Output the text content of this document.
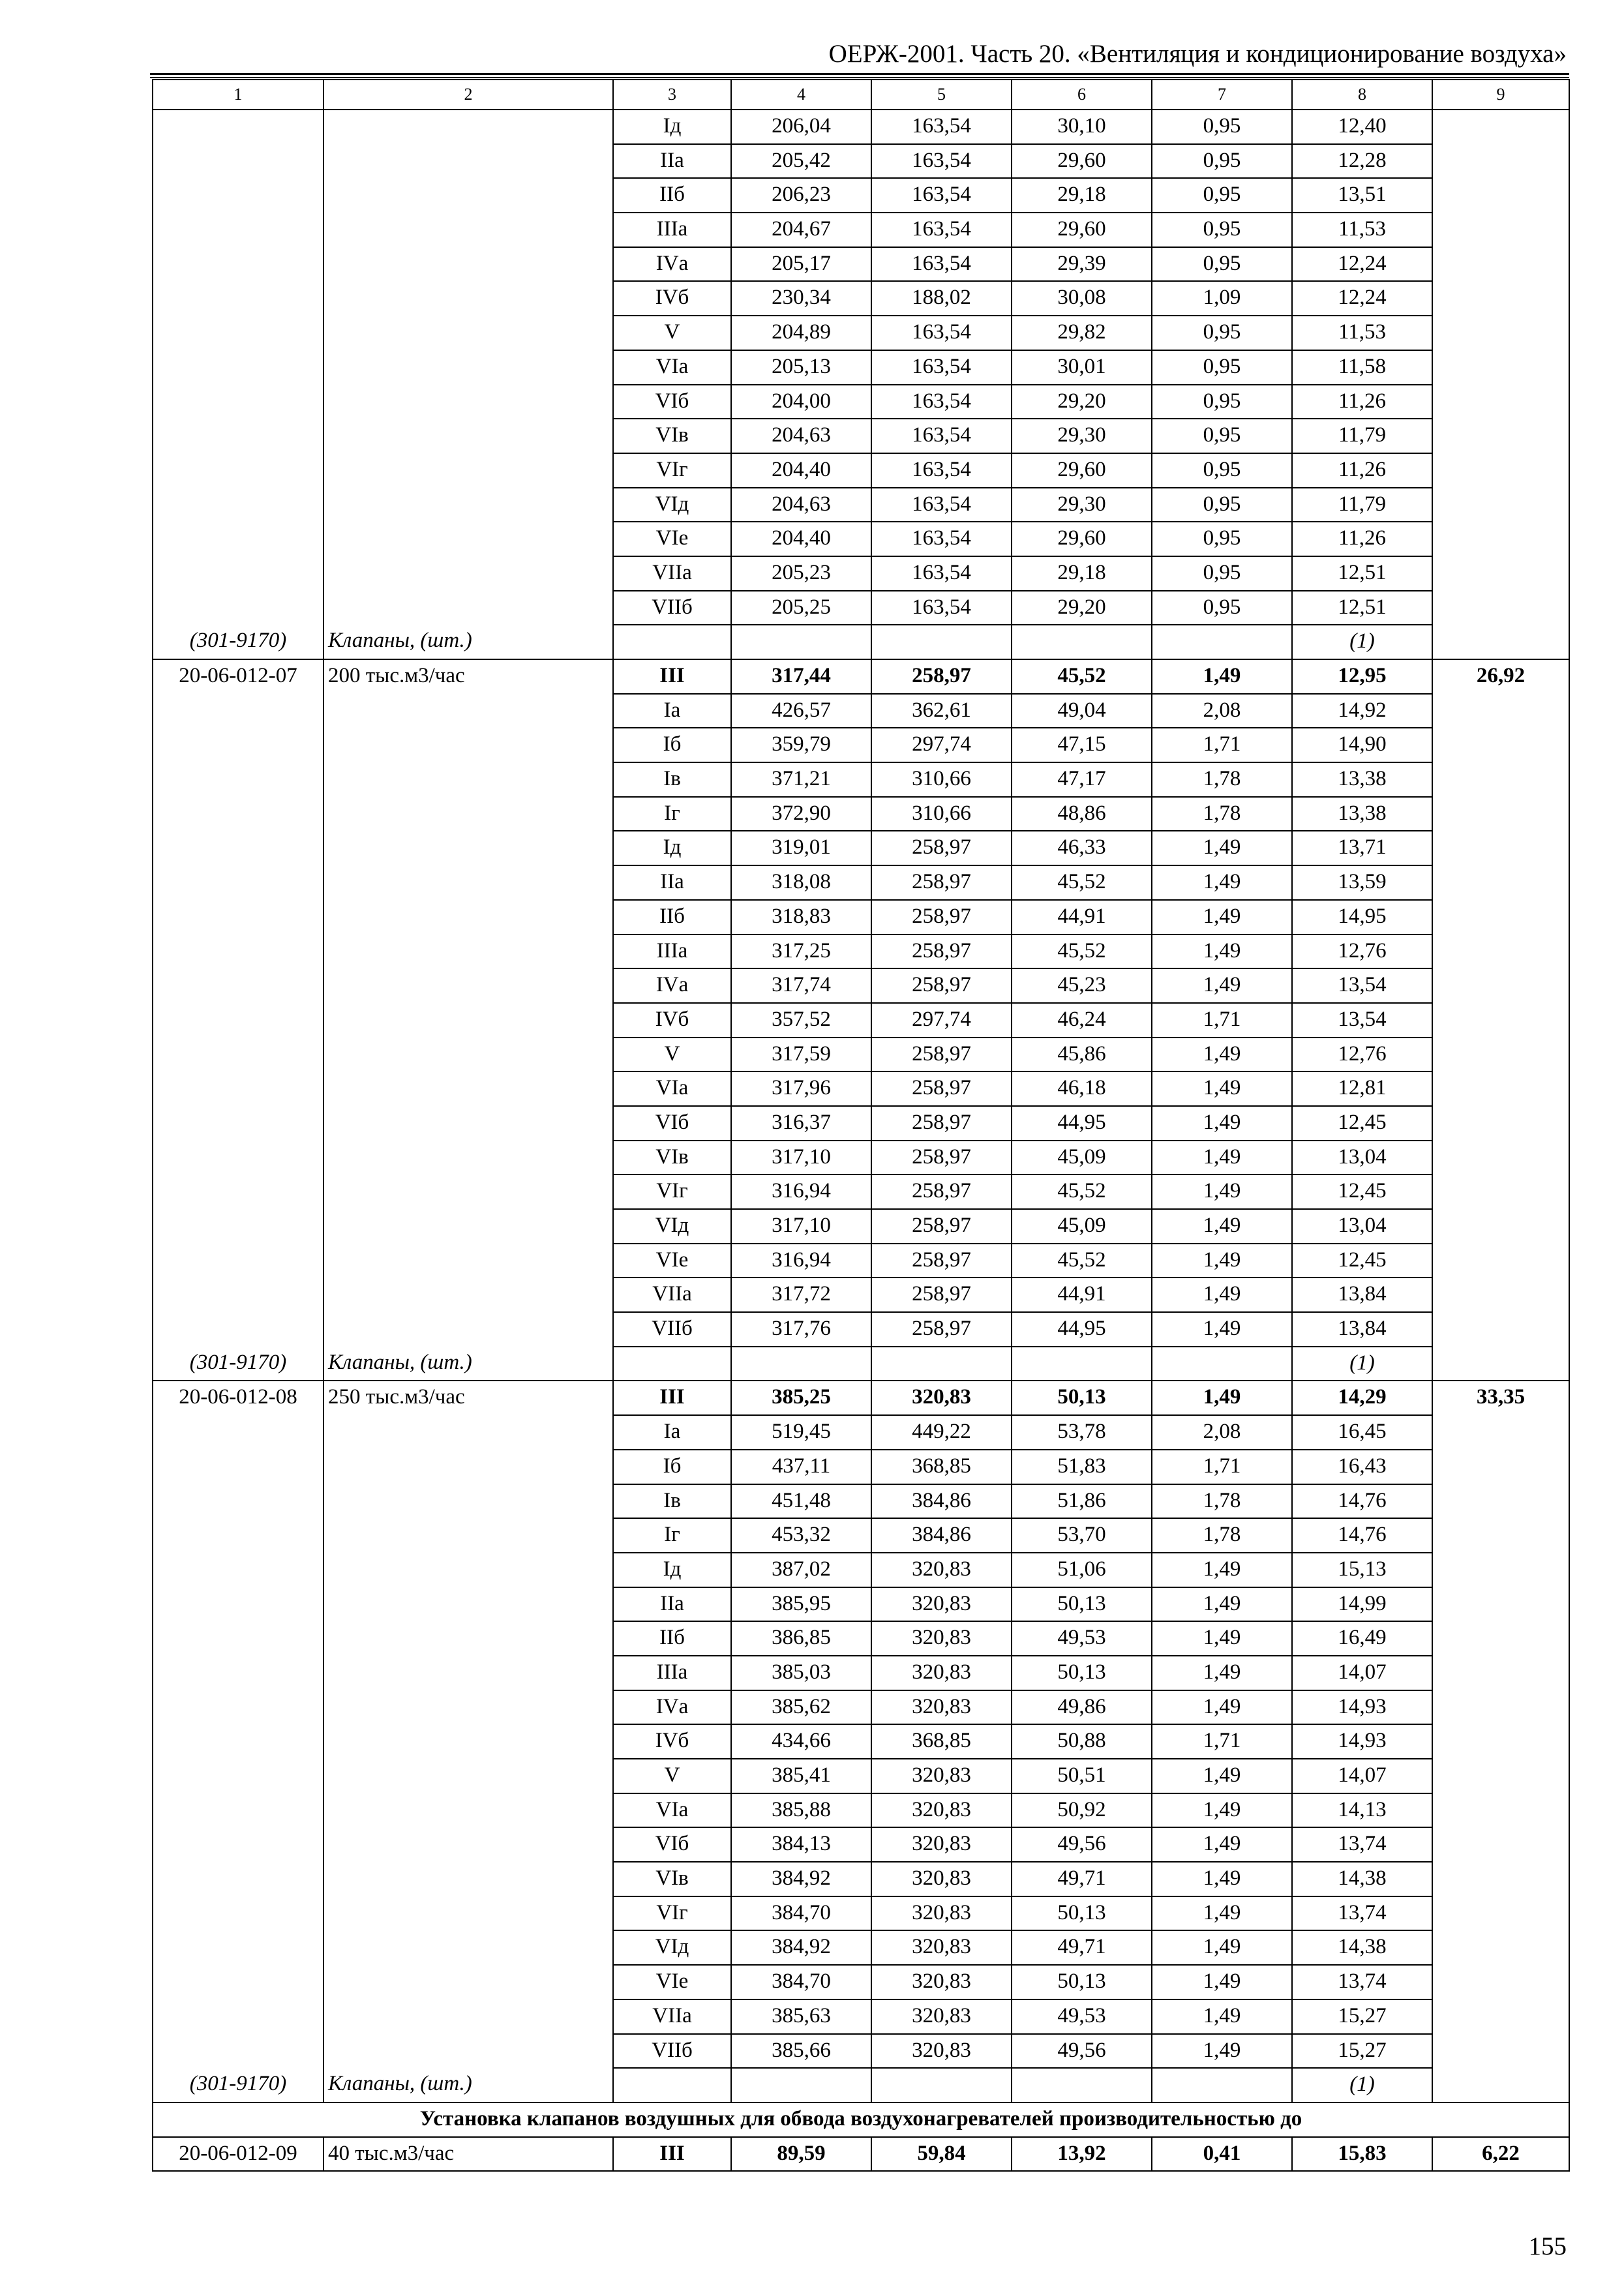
ОЕРЖ-2001. Часть 20. «Вентиляция и кондиционирование воздуха»
1	2	3	4	5	6	7	8	9
		Iд	206,04	163,54	30,10	0,95	12,40	
		IIа	205,42	163,54	29,60	0,95	12,28	
		IIб	206,23	163,54	29,18	0,95	13,51	
		IIIа	204,67	163,54	29,60	0,95	11,53	
		IVа	205,17	163,54	29,39	0,95	12,24	
		IVб	230,34	188,02	30,08	1,09	12,24	
		V	204,89	163,54	29,82	0,95	11,53	
		VIа	205,13	163,54	30,01	0,95	11,58	
		VIб	204,00	163,54	29,20	0,95	11,26	
		VIв	204,63	163,54	29,30	0,95	11,79	
		VIг	204,40	163,54	29,60	0,95	11,26	
		VIд	204,63	163,54	29,30	0,95	11,79	
		VIе	204,40	163,54	29,60	0,95	11,26	
		VIIа	205,23	163,54	29,18	0,95	12,51	
		VIIб	205,25	163,54	29,20	0,95	12,51	
(301-9170)	Клапаны, (шт.)						(1)	
20-06-012-07	200 тыс.м3/час	III	317,44	258,97	45,52	1,49	12,95	26,92
		Iа	426,57	362,61	49,04	2,08	14,92	
		Iб	359,79	297,74	47,15	1,71	14,90	
		Iв	371,21	310,66	47,17	1,78	13,38	
		Iг	372,90	310,66	48,86	1,78	13,38	
		Iд	319,01	258,97	46,33	1,49	13,71	
		IIа	318,08	258,97	45,52	1,49	13,59	
		IIб	318,83	258,97	44,91	1,49	14,95	
		IIIа	317,25	258,97	45,52	1,49	12,76	
		IVа	317,74	258,97	45,23	1,49	13,54	
		IVб	357,52	297,74	46,24	1,71	13,54	
		V	317,59	258,97	45,86	1,49	12,76	
		VIа	317,96	258,97	46,18	1,49	12,81	
		VIб	316,37	258,97	44,95	1,49	12,45	
		VIв	317,10	258,97	45,09	1,49	13,04	
		VIг	316,94	258,97	45,52	1,49	12,45	
		VIд	317,10	258,97	45,09	1,49	13,04	
		VIе	316,94	258,97	45,52	1,49	12,45	
		VIIа	317,72	258,97	44,91	1,49	13,84	
		VIIб	317,76	258,97	44,95	1,49	13,84	
(301-9170)	Клапаны, (шт.)						(1)	
20-06-012-08	250 тыс.м3/час	III	385,25	320,83	50,13	1,49	14,29	33,35
		Iа	519,45	449,22	53,78	2,08	16,45	
		Iб	437,11	368,85	51,83	1,71	16,43	
		Iв	451,48	384,86	51,86	1,78	14,76	
		Iг	453,32	384,86	53,70	1,78	14,76	
		Iд	387,02	320,83	51,06	1,49	15,13	
		IIа	385,95	320,83	50,13	1,49	14,99	
		IIб	386,85	320,83	49,53	1,49	16,49	
		IIIа	385,03	320,83	50,13	1,49	14,07	
		IVа	385,62	320,83	49,86	1,49	14,93	
		IVб	434,66	368,85	50,88	1,71	14,93	
		V	385,41	320,83	50,51	1,49	14,07	
		VIа	385,88	320,83	50,92	1,49	14,13	
		VIб	384,13	320,83	49,56	1,49	13,74	
		VIв	384,92	320,83	49,71	1,49	14,38	
		VIг	384,70	320,83	50,13	1,49	13,74	
		VIд	384,92	320,83	49,71	1,49	14,38	
		VIе	384,70	320,83	50,13	1,49	13,74	
		VIIа	385,63	320,83	49,53	1,49	15,27	
		VIIб	385,66	320,83	49,56	1,49	15,27	
(301-9170)	Клапаны, (шт.)						(1)	
Установка клапанов воздушных для обвода воздухонагревателей производительностью до								
20-06-012-09	40 тыс.м3/час	III	89,59	59,84	13,92	0,41	15,83	6,22
155
